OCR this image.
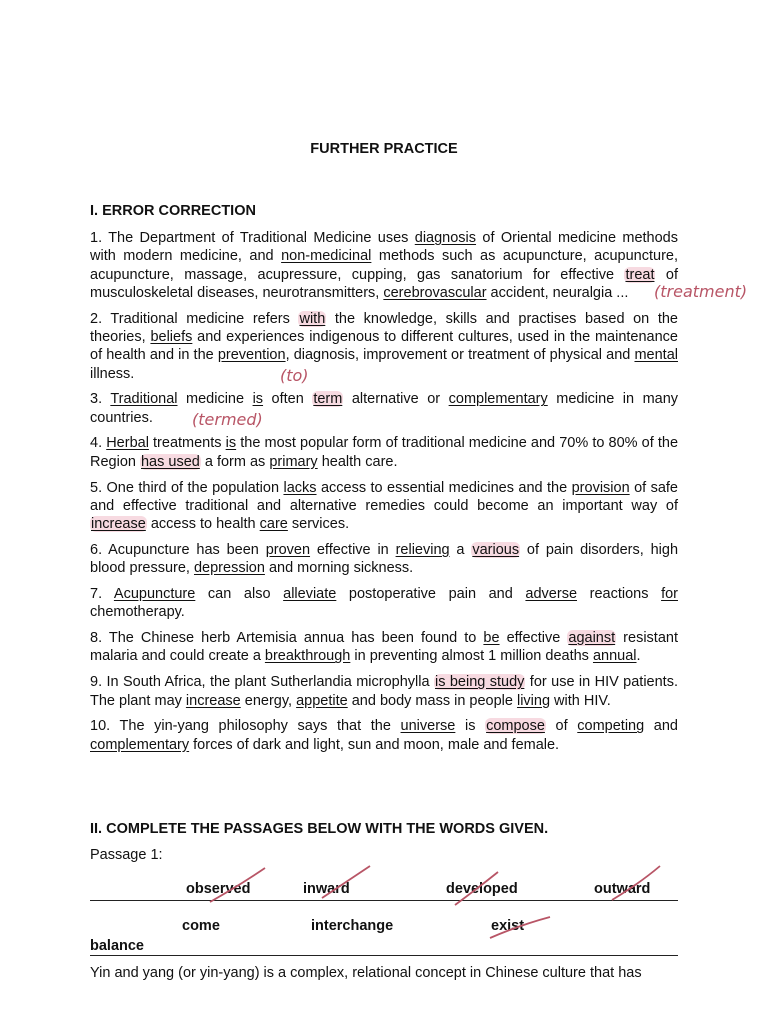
FURTHER PRACTICE
I. ERROR CORRECTION

1. The Department of Traditional Medicine uses diagnosis of Oriental medicine methods with modern medicine, and non-medicinal methods such as acupuncture, acupuncture, acupuncture, massage, acupressure, cupping, gas sanatorium for effective treat of musculoskeletal diseases, neurotransmitters, cerebrovascular accident, neuralgia ...

2. Traditional medicine refers with the knowledge, skills and practises based on the theories, beliefs and experiences indigenous to different cultures, used in the maintenance of health and in the prevention, diagnosis, improvement or treatment of physical and mental illness.

3. Traditional medicine is often term alternative or complementary medicine in many countries.

4. Herbal treatments is the most popular form of traditional medicine and 70% to 80% of the Region has used a form as primary health care.

5. One third of the population lacks access to essential medicines and the provision of safe and effective traditional and alternative remedies could become an important way of increase access to health care services.

6. Acupuncture has been proven effective in relieving a various of pain disorders, high blood pressure, depression and morning sickness.

7. Acupuncture can also alleviate postoperative pain and adverse reactions for chemotherapy.

8. The Chinese herb Artemisia annua has been found to be effective against resistant malaria and could create a breakthrough in preventing almost 1 million deaths annual.

9. In South Africa, the plant Sutherlandia microphylla is being study for use in HIV patients. The plant may increase energy, appetite and body mass in people living with HIV.

10. The yin-yang philosophy says that the universe is compose of competing and complementary forces of dark and light, sun and moon, male and female.

(treatment)
(to)
(termed)
II. COMPLETE THE PASSAGES BELOW WITH THE WORDS GIVEN.
Passage 1:
observed	inward	developed	outward
come	interchange	exist
balance
Yin and yang (or yin-yang) is a complex, relational concept in Chinese culture that has
